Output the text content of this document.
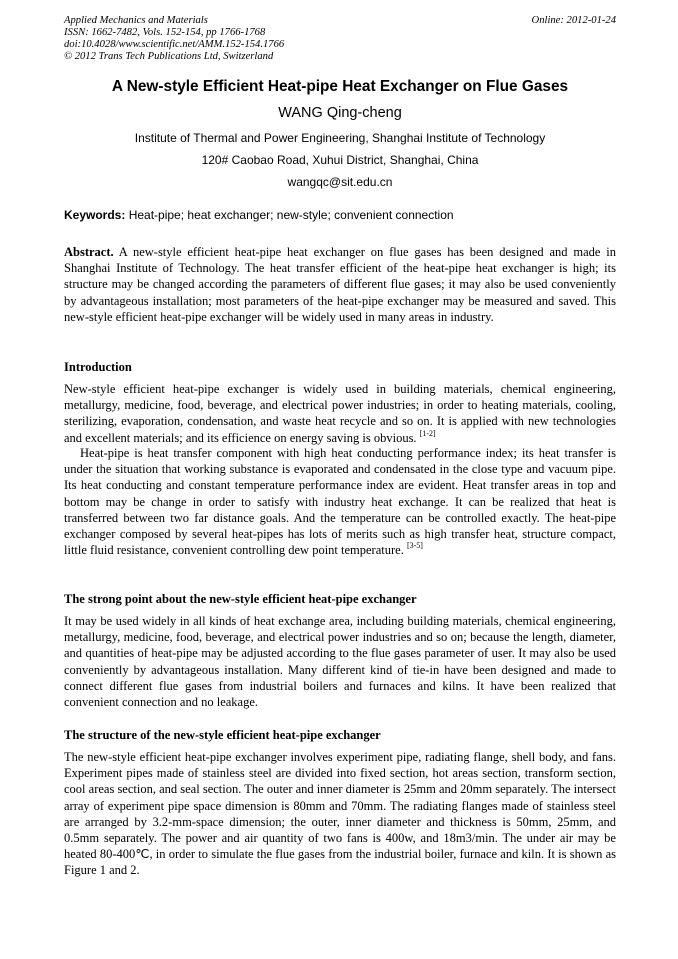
Applied Mechanics and Materials
ISSN: 1662-7482, Vols. 152-154, pp 1766-1768
doi:10.4028/www.scientific.net/AMM.152-154.1766
© 2012 Trans Tech Publications Ltd, Switzerland
Online: 2012-01-24
A New-style Efficient Heat-pipe Heat Exchanger on Flue Gases
WANG Qing-cheng
Institute of Thermal and Power Engineering, Shanghai Institute of Technology
120# Caobao Road, Xuhui District, Shanghai, China
wangqc@sit.edu.cn
Keywords: Heat-pipe; heat exchanger; new-style; convenient connection
Abstract. A new-style efficient heat-pipe heat exchanger on flue gases has been designed and made in Shanghai Institute of Technology. The heat transfer efficient of the heat-pipe heat exchanger is high; its structure may be changed according the parameters of different flue gases; it may also be used conveniently by advantageous installation; most parameters of the heat-pipe exchanger may be measured and saved. This new-style efficient heat-pipe exchanger will be widely used in many areas in industry.
Introduction
New-style efficient heat-pipe exchanger is widely used in building materials, chemical engineering, metallurgy, medicine, food, beverage, and electrical power industries; in order to heating materials, cooling, sterilizing, evaporation, condensation, and waste heat recycle and so on. It is applied with new technologies and excellent materials; and its efficience on energy saving is obvious. [1-2]
Heat-pipe is heat transfer component with high heat conducting performance index; its heat transfer is under the situation that working substance is evaporated and condensated in the close type and vacuum pipe. Its heat conducting and constant temperature performance index are evident. Heat transfer areas in top and bottom may be change in order to satisfy with industry heat exchange. It can be realized that heat is transferred between two far distance goals. And the temperature can be controlled exactly. The heat-pipe exchanger composed by several heat-pipes has lots of merits such as high transfer heat, structure compact, little fluid resistance, convenient controlling dew point temperature. [3-5]
The strong point about the new-style efficient heat-pipe exchanger
It may be used widely in all kinds of heat exchange area, including building materials, chemical engineering, metallurgy, medicine, food, beverage, and electrical power industries and so on; because the length, diameter, and quantities of heat-pipe may be adjusted according to the flue gases parameter of user. It may also be used conveniently by advantageous installation. Many different kind of tie-in have been designed and made to connect different flue gases from industrial boilers and furnaces and kilns. It have been realized that convenient connection and no leakage.
The structure of the new-style efficient heat-pipe exchanger
The new-style efficient heat-pipe exchanger involves experiment pipe, radiating flange, shell body, and fans. Experiment pipes made of stainless steel are divided into fixed section, hot areas section, transform section, cool areas section, and seal section. The outer and inner diameter is 25mm and 20mm separately. The intersect array of experiment pipe space dimension is 80mm and 70mm. The radiating flanges made of stainless steel are arranged by 3.2-mm-space dimension; the outer, inner diameter and thickness is 50mm, 25mm, and 0.5mm separately. The power and air quantity of two fans is 400w, and 18m3/min. The under air may be heated 80-400℃, in order to simulate the flue gases from the industrial boiler, furnace and kiln. It is shown as Figure 1 and 2.
